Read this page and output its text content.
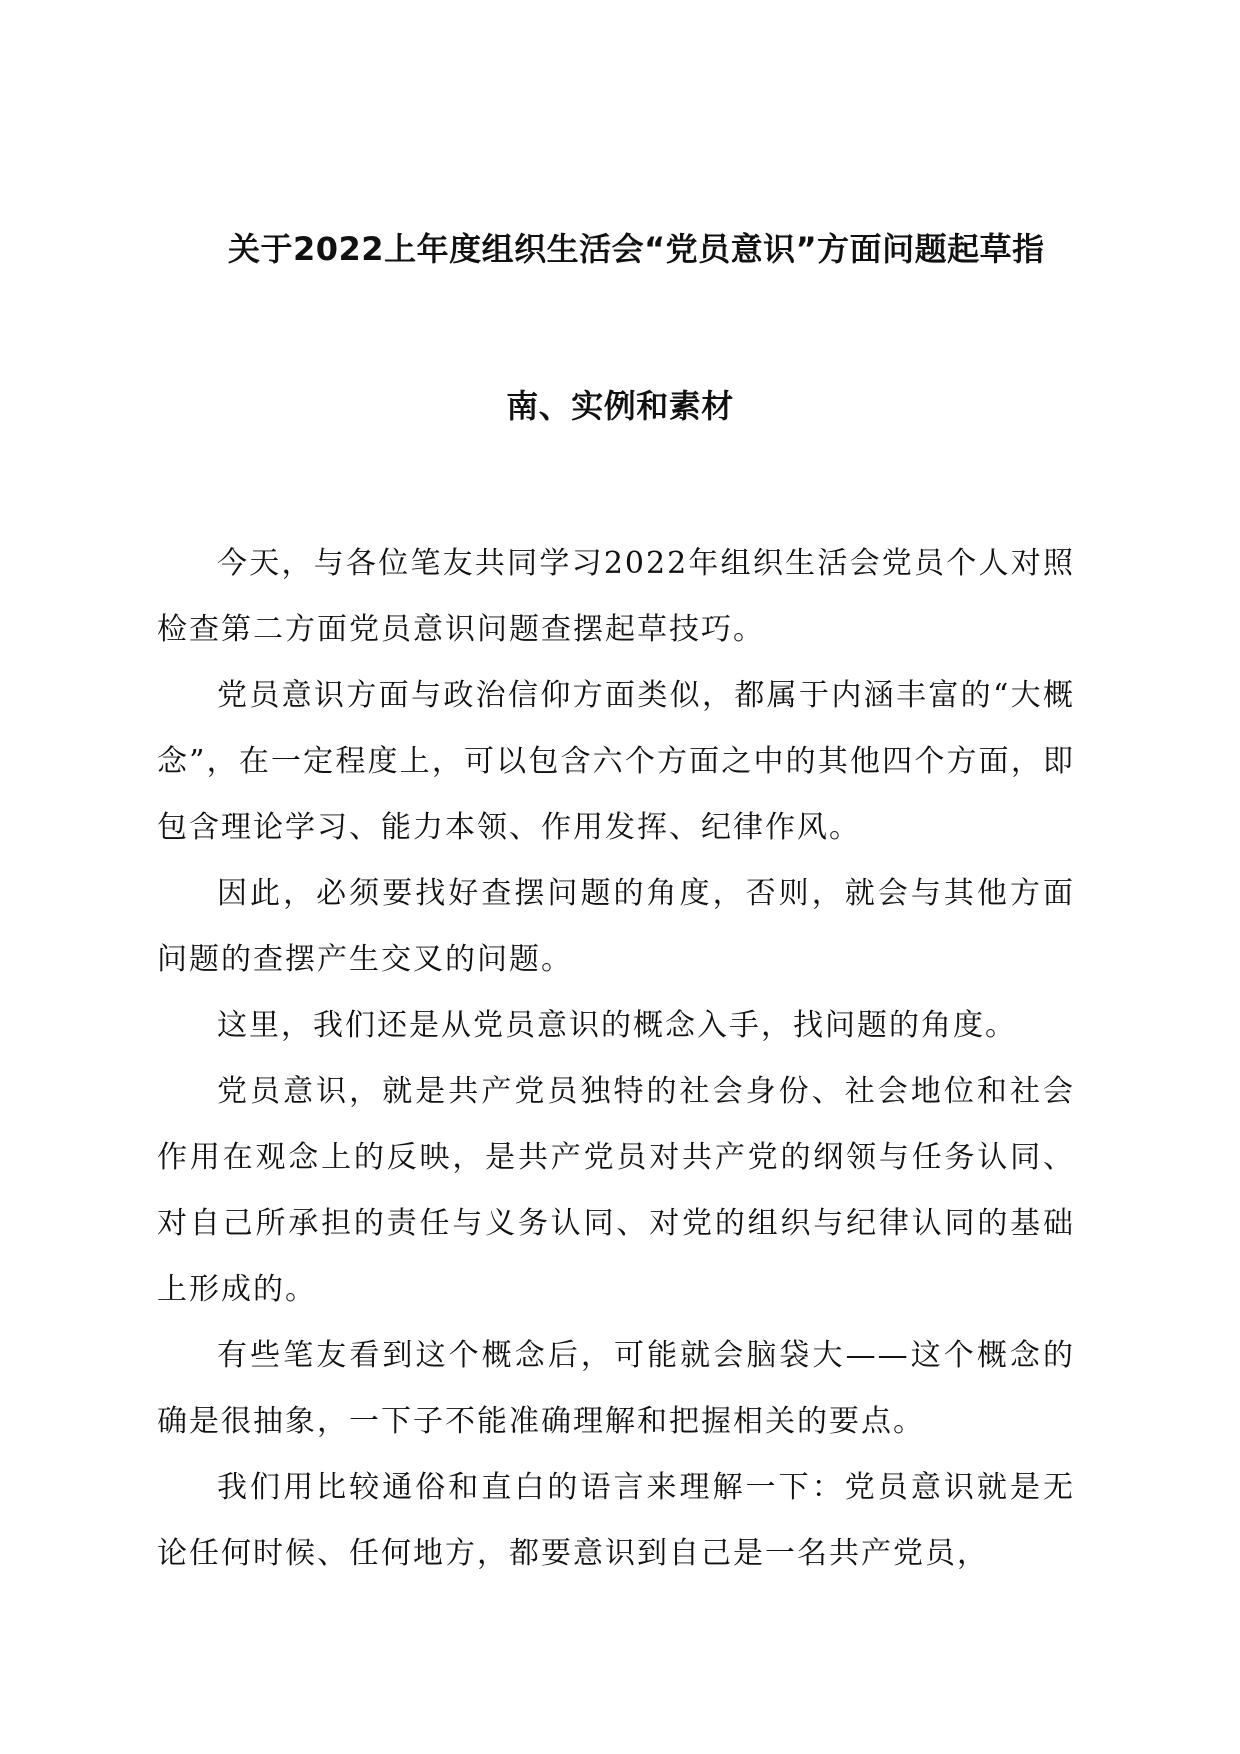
关于2022上年度组织生活会“党员意识”方面问题起草指
南、实例和素材

今天，与各位笔友共同学习2022年组织生活会党员个人对照检查第二方面党员意识问题查摆起草技巧。

党员意识方面与政治信仰方面类似，都属于内涵丰富的“大概念”，在一定程度上，可以包含六个方面之中的其他四个方面，即包含理论学习、能力本领、作用发挥、纪律作风。

因此，必须要找好查摆问题的角度，否则，就会与其他方面问题的查摆产生交叉的问题。

这里，我们还是从党员意识的概念入手，找问题的角度。

党员意识，就是共产党员独特的社会身份、社会地位和社会作用在观念上的反映，是共产党员对共产党的纲领与任务认同、对自己所承担的责任与义务认同、对党的组织与纪律认同的基础上形成的。

有些笔友看到这个概念后，可能就会脑袋大——这个概念的确是很抽象，一下子不能准确理解和把握相关的要点。

我们用比较通俗和直白的语言来理解一下：党员意识就是无论任何时候、任何地方，都要意识到自己是一名共产党员，
